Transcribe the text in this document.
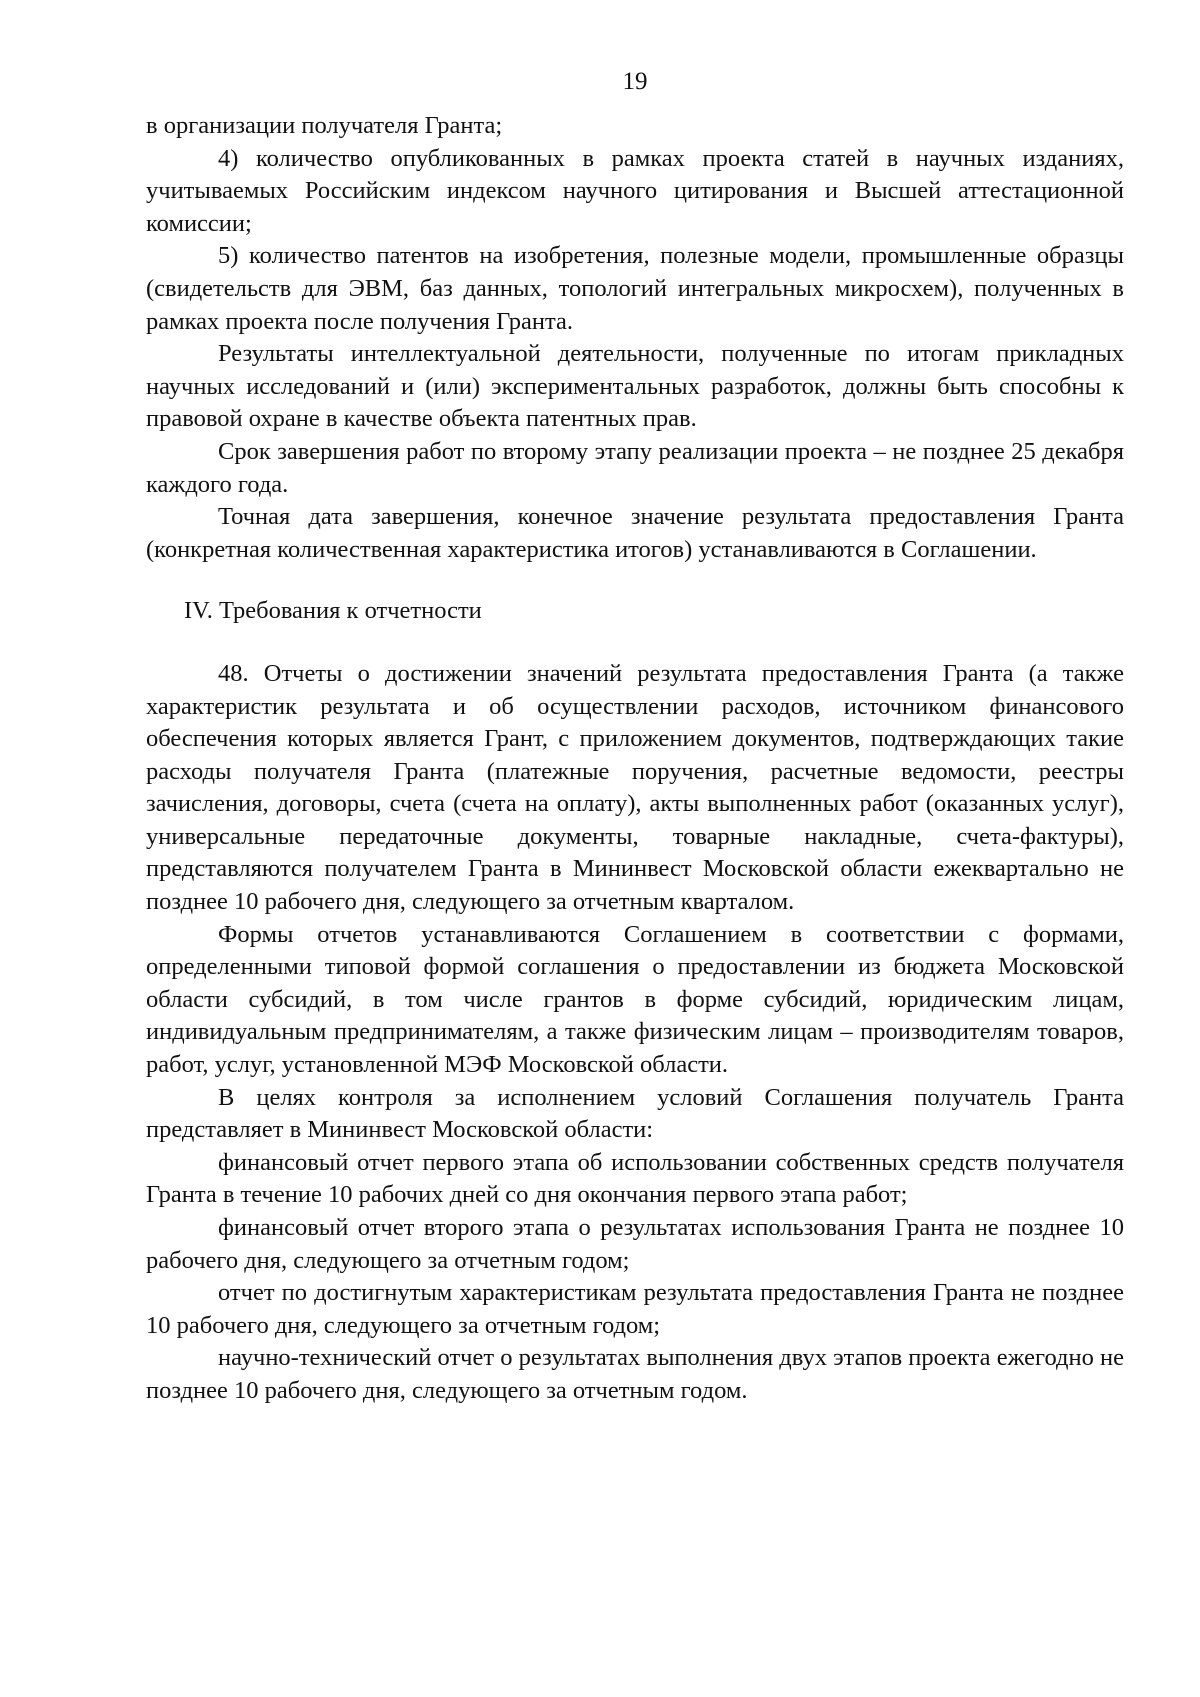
19

в организации получателя Гранта;

4) количество опубликованных в рамках проекта статей в научных изданиях, учитываемых Российским индексом научного цитирования и Высшей аттестационной комиссии;

5) количество патентов на изобретения, полезные модели, промышленные образцы (свидетельств для ЭВМ, баз данных, топологий интегральных микросхем), полученных в рамках проекта после получения Гранта.

Результаты интеллектуальной деятельности, полученные по итогам прикладных научных исследований и (или) экспериментальных разработок, должны быть способны к правовой охране в качестве объекта патентных прав.

Срок завершения работ по второму этапу реализации проекта – не позднее 25 декабря каждого года.

Точная дата завершения, конечное значение результата предоставления Гранта (конкретная количественная характеристика итогов) устанавливаются в Соглашении.

IV. Требования к отчетности

48. Отчеты о достижении значений результата предоставления Гранта (а также характеристик результата и об осуществлении расходов, источником финансового обеспечения которых является Грант, с приложением документов, подтверждающих такие расходы получателя Гранта (платежные поручения, расчетные ведомости, реестры зачисления, договоры, счета (счета на оплату), акты выполненных работ (оказанных услуг), универсальные передаточные документы, товарные накладные, счета-фактуры), представляются получателем Гранта в Мининвест Московской области ежеквартально не позднее 10 рабочего дня, следующего за отчетным кварталом.

Формы отчетов устанавливаются Соглашением в соответствии с формами, определенными типовой формой соглашения о предоставлении из бюджета Московской области субсидий, в том числе грантов в форме субсидий, юридическим лицам, индивидуальным предпринимателям, а также физическим лицам – производителям товаров, работ, услуг, установленной МЭФ Московской области.

В целях контроля за исполнением условий Соглашения получатель Гранта представляет в Мининвест Московской области:

финансовый отчет первого этапа об использовании собственных средств получателя Гранта в течение 10 рабочих дней со дня окончания первого этапа работ;

финансовый отчет второго этапа о результатах использования Гранта не позднее 10 рабочего дня, следующего за отчетным годом;

отчет по достигнутым характеристикам результата предоставления Гранта не позднее 10 рабочего дня, следующего за отчетным годом;

научно-технический отчет о результатах выполнения двух этапов проекта ежегодно не позднее 10 рабочего дня, следующего за отчетным годом.
